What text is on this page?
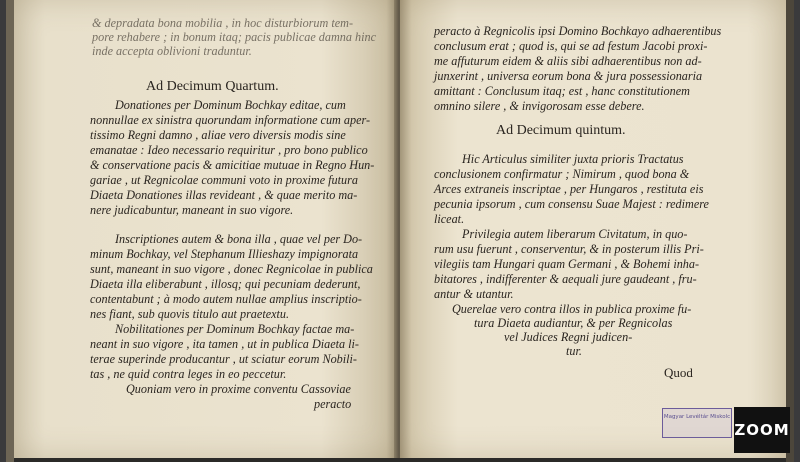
& depradata bona mobilia , in hoc disturbiorum tem-
pore rehabere ; in bonum itaq; pacis publicae damna hinc
inde accepta oblivioni traduntur.
Ad Decimum Quartum.
Donationes per Dominum Bochkay editae, cum
nonnullae ex sinistra quorundam informatione cum aper-
tissimo Regni damno , aliae vero diversis modis sine
emanatae : Ideo necessario requiritur , pro bono publico
& conservatione pacis & amicitiae mutuae in Regno Hun-
gariae , ut Regnicolae communi voto in proxime futura
Diaeta Donationes illas revideant , & quae merito ma-
nere judicabuntur, maneant in suo vigore.
Inscriptiones autem & bona illa , quae vel per Do-
minum Bochkay, vel Stephanum Illieshazy impignorata
sunt, maneant in suo vigore , donec Regnicolae in publica
Diaeta illa eliberabunt , illosq; qui pecuniam dederunt,
contentabunt ; à modo autem nullae amplius inscriptio-
nes fiant, sub quovis titulo aut praetextu.
Nobilitationes per Dominum Bochkay factae ma-
neant in suo vigore , ita tamen , ut in publica Diaeta li-
terae superinde producantur , ut sciatur eorum Nobili-
tas , ne quid contra leges in eo peccetur.
Quoniam vero in proxime conventu Cassoviae
peracto
peracto à Regnicolis ipsi Domino Bochkayo adhaerentibus
conclusum erat ; quod is, qui se ad festum Jacobi proxi-
me affuturum eidem & aliis sibi adhaerentibus non ad-
junxerint , universa eorum bona & jura possessionaria
amittant : Conclusum itaq; est , hanc constitutionem
omnino silere , & invigorosam esse debere.
Ad Decimum quintum.
Hic Articulus similiter juxta prioris Tractatus
conclusionem confirmatur ; Nimirum , quod bona &
Arces extraneis inscriptae , per Hungaros , restituta eis
pecunia ipsorum , cum consensu Suae Majest : redimere
liceat.
Privilegia autem liberarum Civitatum, in quo-
rum usu fuerunt , conserventur, & in posterum illis Pri-
vilegiis tam Hungari quam Germani , & Bohemi inha-
bitatores , indifferenter & aequali jure gaudeant , fru-
antur & utantur.
Querelae vero contra illos in publica proxime fu-
tura Diaeta audiantur, & per Regnicolas
vel Judices Regni judicen-
tur.
Quod
Magyar Levéltár Miskolc
ZOOM
